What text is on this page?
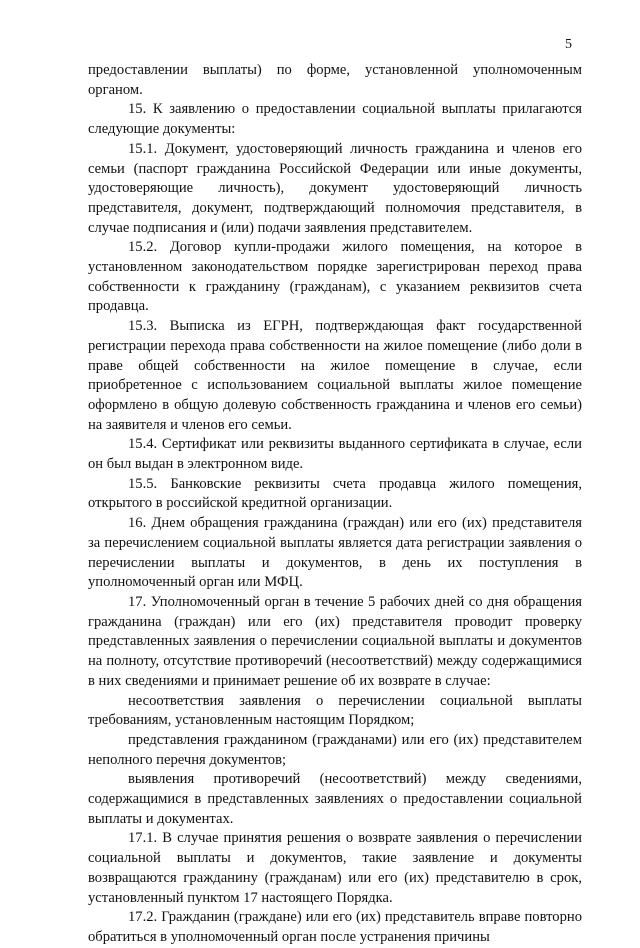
5

предоставлении выплаты) по форме, установленной уполномоченным органом.

15. К заявлению о предоставлении социальной выплаты прилагаются следующие документы:

15.1. Документ, удостоверяющий личность гражданина и членов его семьи (паспорт гражданина Российской Федерации или иные документы, удостоверяющие личность), документ удостоверяющий личность представителя, документ, подтверждающий полномочия представителя, в случае подписания и (или) подачи заявления представителем.

15.2. Договор купли-продажи жилого помещения, на которое в установленном законодательством порядке зарегистрирован переход права собственности к гражданину (гражданам), с указанием реквизитов счета продавца.

15.3. Выписка из ЕГРН, подтверждающая факт государственной регистрации перехода права собственности на жилое помещение (либо доли в праве общей собственности на жилое помещение в случае, если приобретенное с использованием социальной выплаты жилое помещение оформлено в общую долевую собственность гражданина и членов его семьи) на заявителя и членов его семьи.

15.4. Сертификат или реквизиты выданного сертификата в случае, если он был выдан в электронном виде.

15.5. Банковские реквизиты счета продавца жилого помещения, открытого в российской кредитной организации.

16. Днем обращения гражданина (граждан) или его (их) представителя за перечислением социальной выплаты является дата регистрации заявления о перечислении выплаты и документов, в день их поступления в уполномоченный орган или МФЦ.

17. Уполномоченный орган в течение 5 рабочих дней со дня обращения гражданина (граждан) или его (их) представителя проводит проверку представленных заявления о перечислении социальной выплаты и документов на полноту, отсутствие противоречий (несоответствий) между содержащимися в них сведениями и принимает решение об их возврате в случае:

несоответствия заявления о перечислении социальной выплаты требованиям, установленным настоящим Порядком;

представления гражданином (гражданами) или его (их) представителем неполного перечня документов;

выявления противоречий (несоответствий) между сведениями, содержащимися в представленных заявлениях о предоставлении социальной выплаты и документах.

17.1. В случае принятия решения о возврате заявления о перечислении социальной выплаты и документов, такие заявление и документы возвращаются гражданину (гражданам) или его (их) представителю в срок, установленный пунктом 17 настоящего Порядка.

17.2. Гражданин (граждане) или его (их) представитель вправе повторно обратиться в уполномоченный орган после устранения причины
